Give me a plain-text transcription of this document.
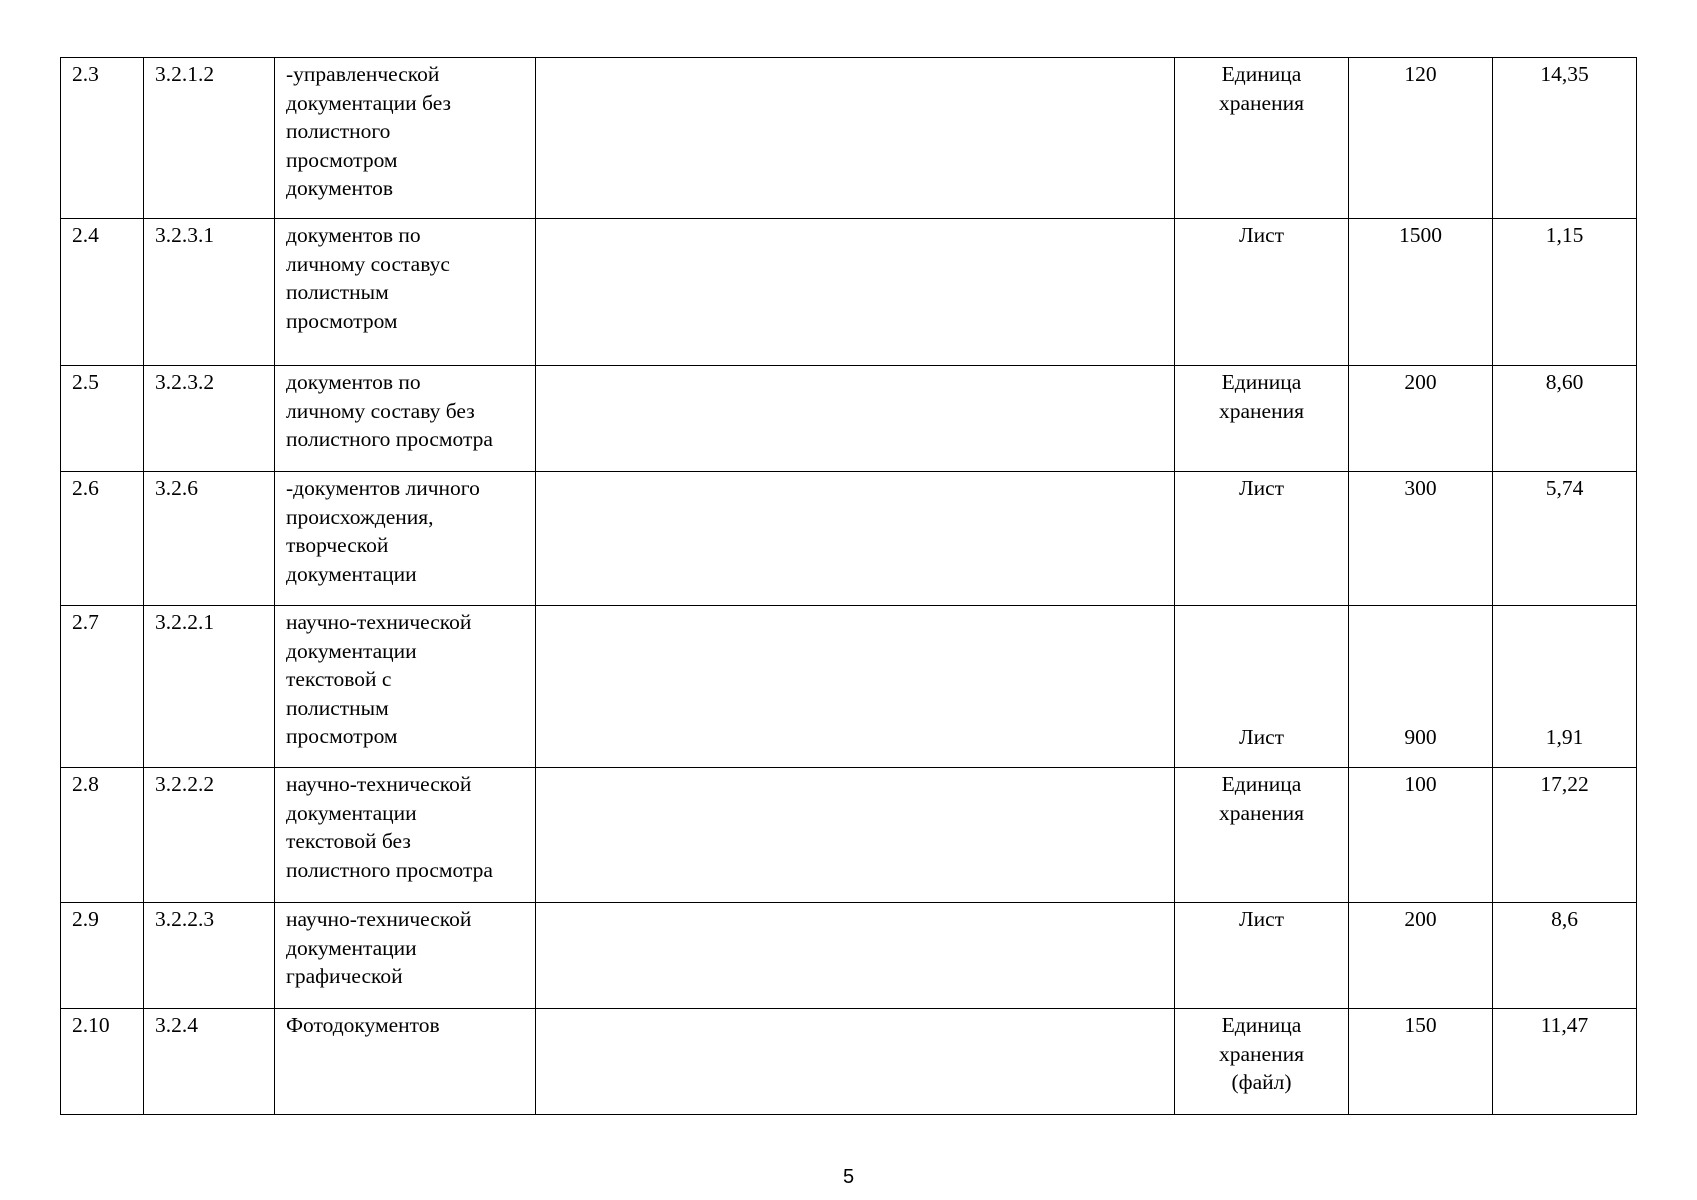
2.3	3.2.1.2	-управленческой
документации без
полистного
просмотром
документов		Единица
хранения	120	14,35

2.4	3.2.3.1	документов по
личному составус
полистным
просмотром		Лист	1500	1,15

2.5	3.2.3.2	документов по
личному составу без
полистного просмотра		Единица
хранения	200	8,60

2.6	3.2.6	-документов личного
происхождения,
творческой
документации		Лист	300	5,74

2.7	3.2.2.1	научно-технической
документации
текстовой с
полистным
просмотром		Лист	900	1,91

2.8	3.2.2.2	научно-технической
документации
текстовой без
полистного просмотра		Единица
хранения	100	17,22

2.9	3.2.2.3	научно-технической
документации
графической		Лист	200	8,6

2.10	3.2.4	Фотодокументов		Единица
хранения
(файл)	150	11,47
5
